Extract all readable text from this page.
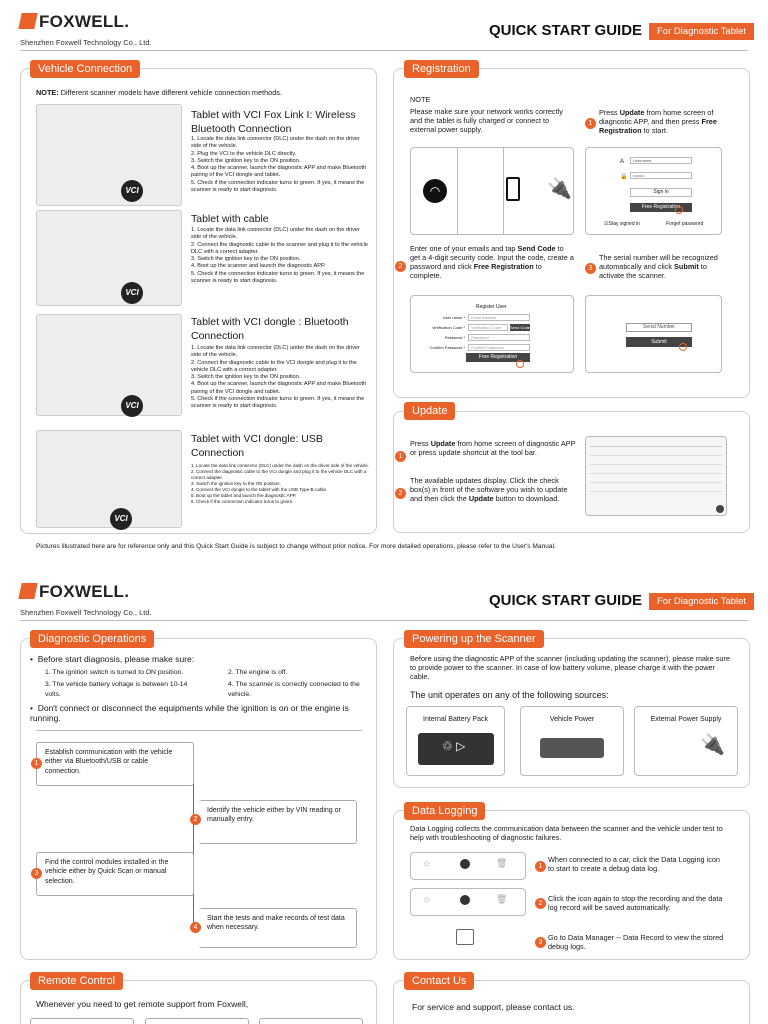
FOXWELL.
Shenzhen Foxwell Technology Co., Ltd.
QUICK START GUIDE	For Diagnostic Tablet
Vehicle Connection
NOTE: Different scanner models have different vehicle connection methods.
VCI
Tablet with VCI Fox Link I: Wireless
Bluetooth Connection
1. Locate the data link connector (DLC) under the dash on the driver side of the vehicle.
2. Plug the VCI to the vehicle DLC directly.
3. Switch the ignition key to the ON position.
4. Boot up the scanner, launch the diagnostic APP and make Bluetooth pairing of the VCI dongle and tablet.
5. Check if the connection indicator turns to green. If yes, it means the scanner is ready to start diagnosis.
VCI
Tablet with cable
1. Locate the data link connector (DLC) under the dash on the driver side of the vehicle.
2. Connect the diagnostic cable to the scanner and plug it to the vehicle DLC with a correct adapter.
3. Switch the ignition key to the ON position.
4. Boot up the scanner and launch the diagnostic APP.
5. Check if the connection indicator turns to green. If yes, it means the scanner is ready to start diagnosis.
VCI
Tablet with VCI dongle : Bluetooth Connection
1. Locate the data link connector (DLC) under the dash on the driver side of the vehicle.
2. Connect the diagnostic cable to the VCI dongle and plug it to the vehicle DLC with a correct adapter.
3. Switch the ignition key to the ON position.
4. Boot up the scanner, launch the diagnostic APP and make Bluetooth pairing of the VCI dongle and tablet.
5. Check if the connection indicator turns to green. If yes, it means the scanner is ready to start diagnosis.
VCI
Tablet with VCI dongle: USB Connection
1. Locate the data link connector (DLC) under the dash on the driver side of the vehicle.
2. Connect the diagnostic cable to the VCI dongle and plug it to the vehicle DLC with a correct adapter.
3. Switch the ignition key to the ON position.
4. Connect the VCI dongle to the tablet with the USB Type-B cable.
5. Boot up the tablet and launch the diagnostic APP.
6. Check if the connection indicator turns to green.
Registration
NOTE
Please make sure your network works correctly and the tablet is fully charged or connect to external power supply.
1
Press Update from home screen of diagnostic APP, and then press Free Registration to start.
◠	🔌
A	Username
🔒	••••••••
Sign in
Free Registration
☑Stay signed in	Forget password
2
Enter one of your emails and tap Send Code to get a 4-digit security code. Input the code, create a password and click Free Registration to complete.
3
The serial number will be recognized automatically and click Submit to activate the scanner.
Register User
User name *	Email address
Verification Code *	Verification Code	Send Code
Password *	Password
Confirm Password *	Confirm Password
Free Registration
Serial Number
Submit
Update
1
Press Update from home screen of diagnostic APP or press update shortcut at the tool bar.
2
The available updates display. Click the check box(s) in front of the software you wish to update and then click the Update button to download.
Pictures illustrated here are for reference only and this Quick Start Guide is subject to change without prior notice. For more detailed operations, please refer to the User's Manual.
FOXWELL.
Shenzhen Foxwell Technology Co., Ltd.
QUICK START GUIDE	For Diagnostic Tablet
Diagnostic Operations
•  Before start diagnosis, please make sure:
1. The ignition switch is turned to ON position.	2. The engine is off.
3. The vehicle battery voltage is between 10-14 volts.
4. The scanner is correctly connected to the vehicle.
•  Don't connect or disconnect the equipments while the ignition is on or the engine is running.
Establish communication with the vehicle either via Bluetooth/USB or cable connection.
1
Identify the vehicle either by VIN reading or manually entry.
2
Find the control modules installed in the vehicle either by Quick Scan or manual selection.
3
Start the tests and make records of test data when necessary.
4
Powering up the Scanner
Before using the diagnostic APP of the scanner (including updating the scanner), please make sure to provide power to the scanner. In case of low battery volume, please charge it with the power cable.
The unit operates on any of the following sources:
Internal Battery Pack
♲ ▷
Vehicle Power	External Power Supply
🔌
Data Logging
Data Logging collects the communication data between the scanner and the vehicle under test to help with troubleshooting of diagnostic failures.
☼	🗑	1
When connected to a car, click the Data Logging icon to start to create a debug data log.
☼	🗑	2
Click the icon again to stop the recording and the data log record will be saved automatically.
3
Go to Data Manager -- Data Record to view the stored debug logs.
Remote Control
Whenever you need to get remote support from Foxwell,
Contact Us
For service and support, please contact us.
